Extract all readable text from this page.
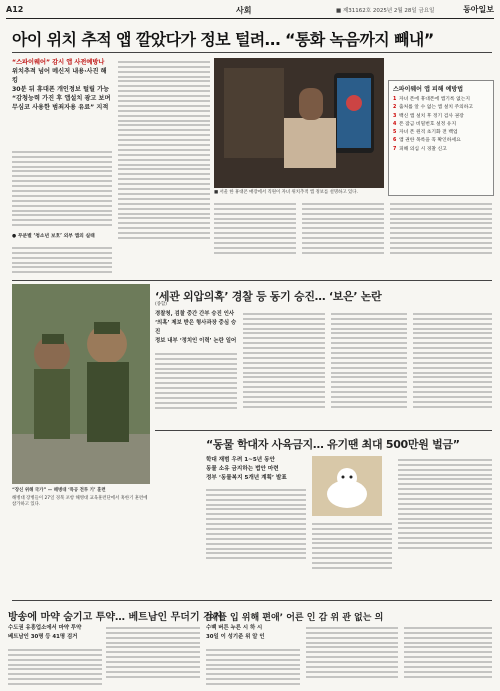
A12	사회	■ 제31162호 2025년 2월 28일 금요일	동아일보
아이 위치 추적 앱 깔았다가 정보 털려… “통화 녹음까지 빼내”
“스파이웨어” 감시 앱 사전예방나
위치추적 넘어 메신저 내용·사진 해킹
30분 뒤 휴대폰 개인정보 털릴 가능
“감청능력 가진 후 앱설치 광고 보며
무심코 사용한 범죄자용 유료” 지적
● 무분별 ‘청소년 보호’ 외부 앱의 실태
■ 서울 한 휴대폰 매장에서 직원이 자녀 위치추적 앱 정보를 설명하고 있다.
스파이웨어 앱 피해 예방법
1 자녀 폰에 휴대폰에 앱기록 없는지
2 출처를 알 수 없는 앱 설치 주의하고
3 백신 앱 설치 후 정기 검사 권장
4 폰 잠금 비밀번호 설정 유지
5 자녀 폰 원격 초기화 전 백업
6 앱 권한 목록을 꼭 확인하세요
7 피해 의심 시 경찰 신고
“장신 위해 국가” — 해병대 ‘특공 전투 기’ 훈련
해병대 장병들이 27일 경북 포항 해병대 교육훈련단에서 혹한기 훈련에 참가하고 있다.
‘세관 외압의혹’ 경찰 등 동기 승진… ‘보은’ 논란
(종합)
경찰청, 검찰 중간 간부 승진 인사
‘의혹’ 제보 받은 형사과장 중심 승진
정보 내부 ‘정치인 이력’ 논란 일어
“동물 학대자 사육금지… 유기땐 최대 500만원 벌금”
학대 재범 우려 1~5년 동안
동물 소유 금지하는 법안 마련
정부 ‘동물복지 5개년 계획’ 발표
방송에 마약 숨기고 투약… 베트남인 무더기 검거
수도권 유흥업소에서 마약 투약
베트남인 30명 등 41명 검거
‘애플 입 위해 편애’ 어른 인 감 위 관 없는 의
수백 버튼 누른 시 하 시
30일 이 성기준 위 알 인
